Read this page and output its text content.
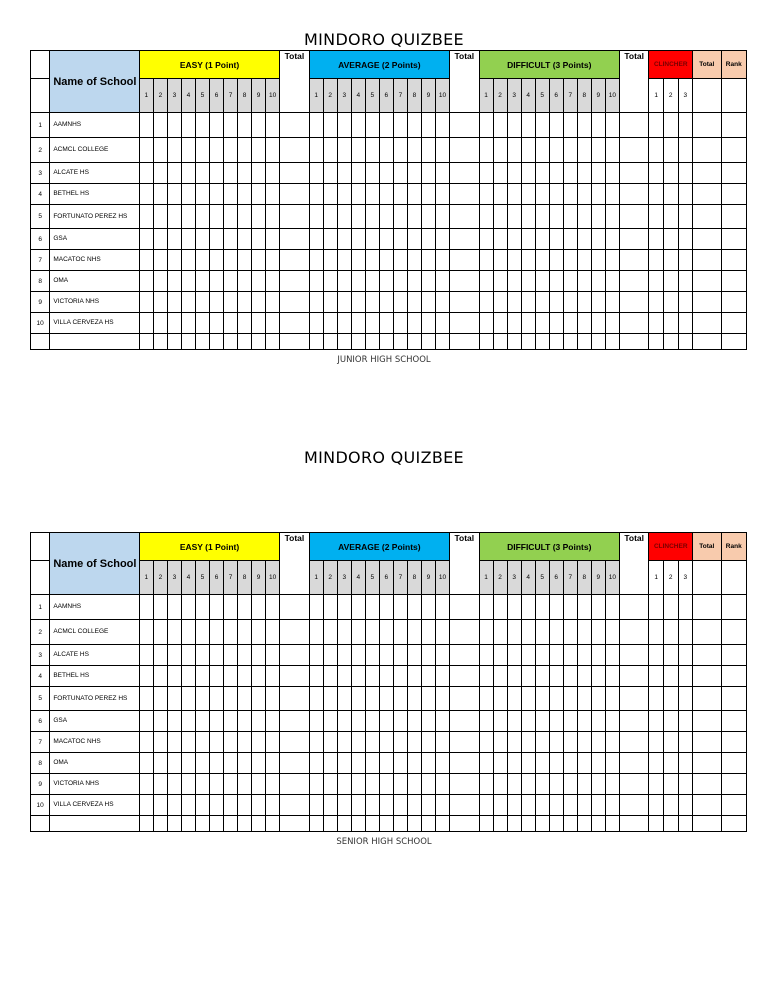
MINDORO QUIZBEE
	Name of School	EASY (1 Point)										Total	AVERAGE (2 Points)										Total	DIFFICULT (3 Points)										Total	CLINCHER			Total	Rank
		1	2	3	4	5	6	7	8	9	10		1	2	3	4	5	6	7	8	9	10		1	2	3	4	5	6	7	8	9	10		1	2	3		
1	AAMNHS																																						
2	ACMCL COLLEGE																																						
3	ALCATE HS																																						
4	BETHEL HS																																						
5	FORTUNATO PEREZ HS																																						
6	GSA																																						
7	MACATOC NHS																																						
8	OMA																																						
9	VICTORIA NHS																																						
10	VILLA CERVEZA HS																																						

JUNIOR HIGH SCHOOL
MINDORO QUIZBEE
	Name of School	EASY (1 Point)										Total	AVERAGE (2 Points)										Total	DIFFICULT (3 Points)										Total	CLINCHER			Total	Rank
		1	2	3	4	5	6	7	8	9	10		1	2	3	4	5	6	7	8	9	10		1	2	3	4	5	6	7	8	9	10		1	2	3		
1	AAMNHS																																						
2	ACMCL COLLEGE																																						
3	ALCATE HS																																						
4	BETHEL HS																																						
5	FORTUNATO PEREZ HS																																						
6	GSA																																						
7	MACATOC NHS																																						
8	OMA																																						
9	VICTORIA NHS																																						
10	VILLA CERVEZA HS																																						

SENIOR HIGH SCHOOL
